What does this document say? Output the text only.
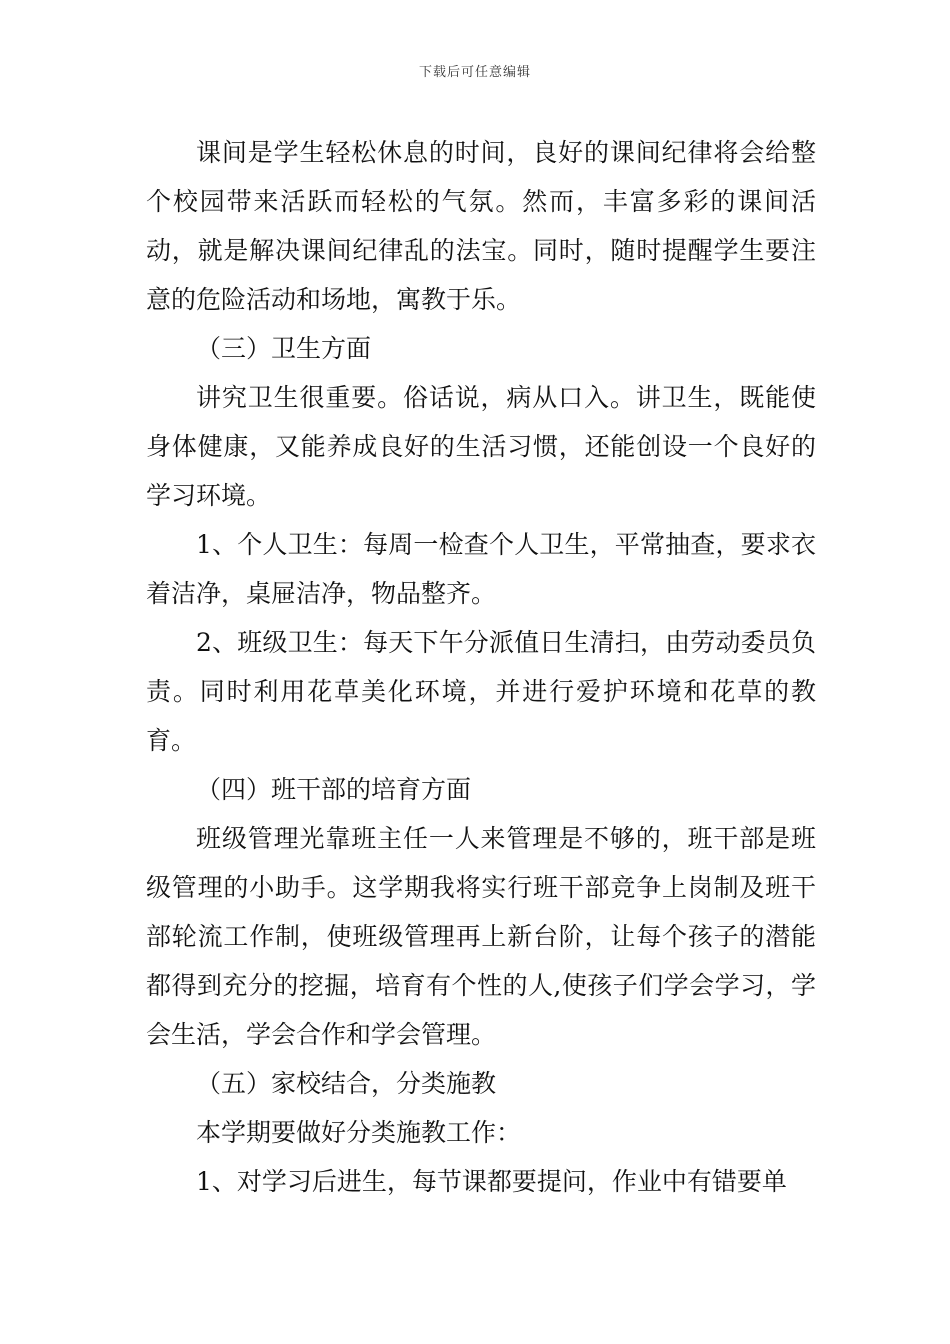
下载后可任意编辑

课间是学生轻松休息的时间，良好的课间纪律将会给整个校园带来活跃而轻松的气氛。然而，丰富多彩的课间活动，就是解决课间纪律乱的法宝。同时，随时提醒学生要注意的危险活动和场地，寓教于乐。

（三）卫生方面

讲究卫生很重要。俗话说，病从口入。讲卫生，既能使身体健康，又能养成良好的生活习惯，还能创设一个良好的学习环境。

1、个人卫生：每周一检查个人卫生，平常抽查，要求衣着洁净，桌屉洁净，物品整齐。

2、班级卫生：每天下午分派值日生清扫，由劳动委员负责。同时利用花草美化环境，并进行爱护环境和花草的教育。

（四）班干部的培育方面

班级管理光靠班主任一人来管理是不够的，班干部是班级管理的小助手。这学期我将实行班干部竞争上岗制及班干部轮流工作制，使班级管理再上新台阶，让每个孩子的潜能都得到充分的挖掘，培育有个性的人,使孩子们学会学习，学会生活，学会合作和学会管理。

（五）家校结合，分类施教

本学期要做好分类施教工作：

1、对学习后进生，每节课都要提问，作业中有错要单
